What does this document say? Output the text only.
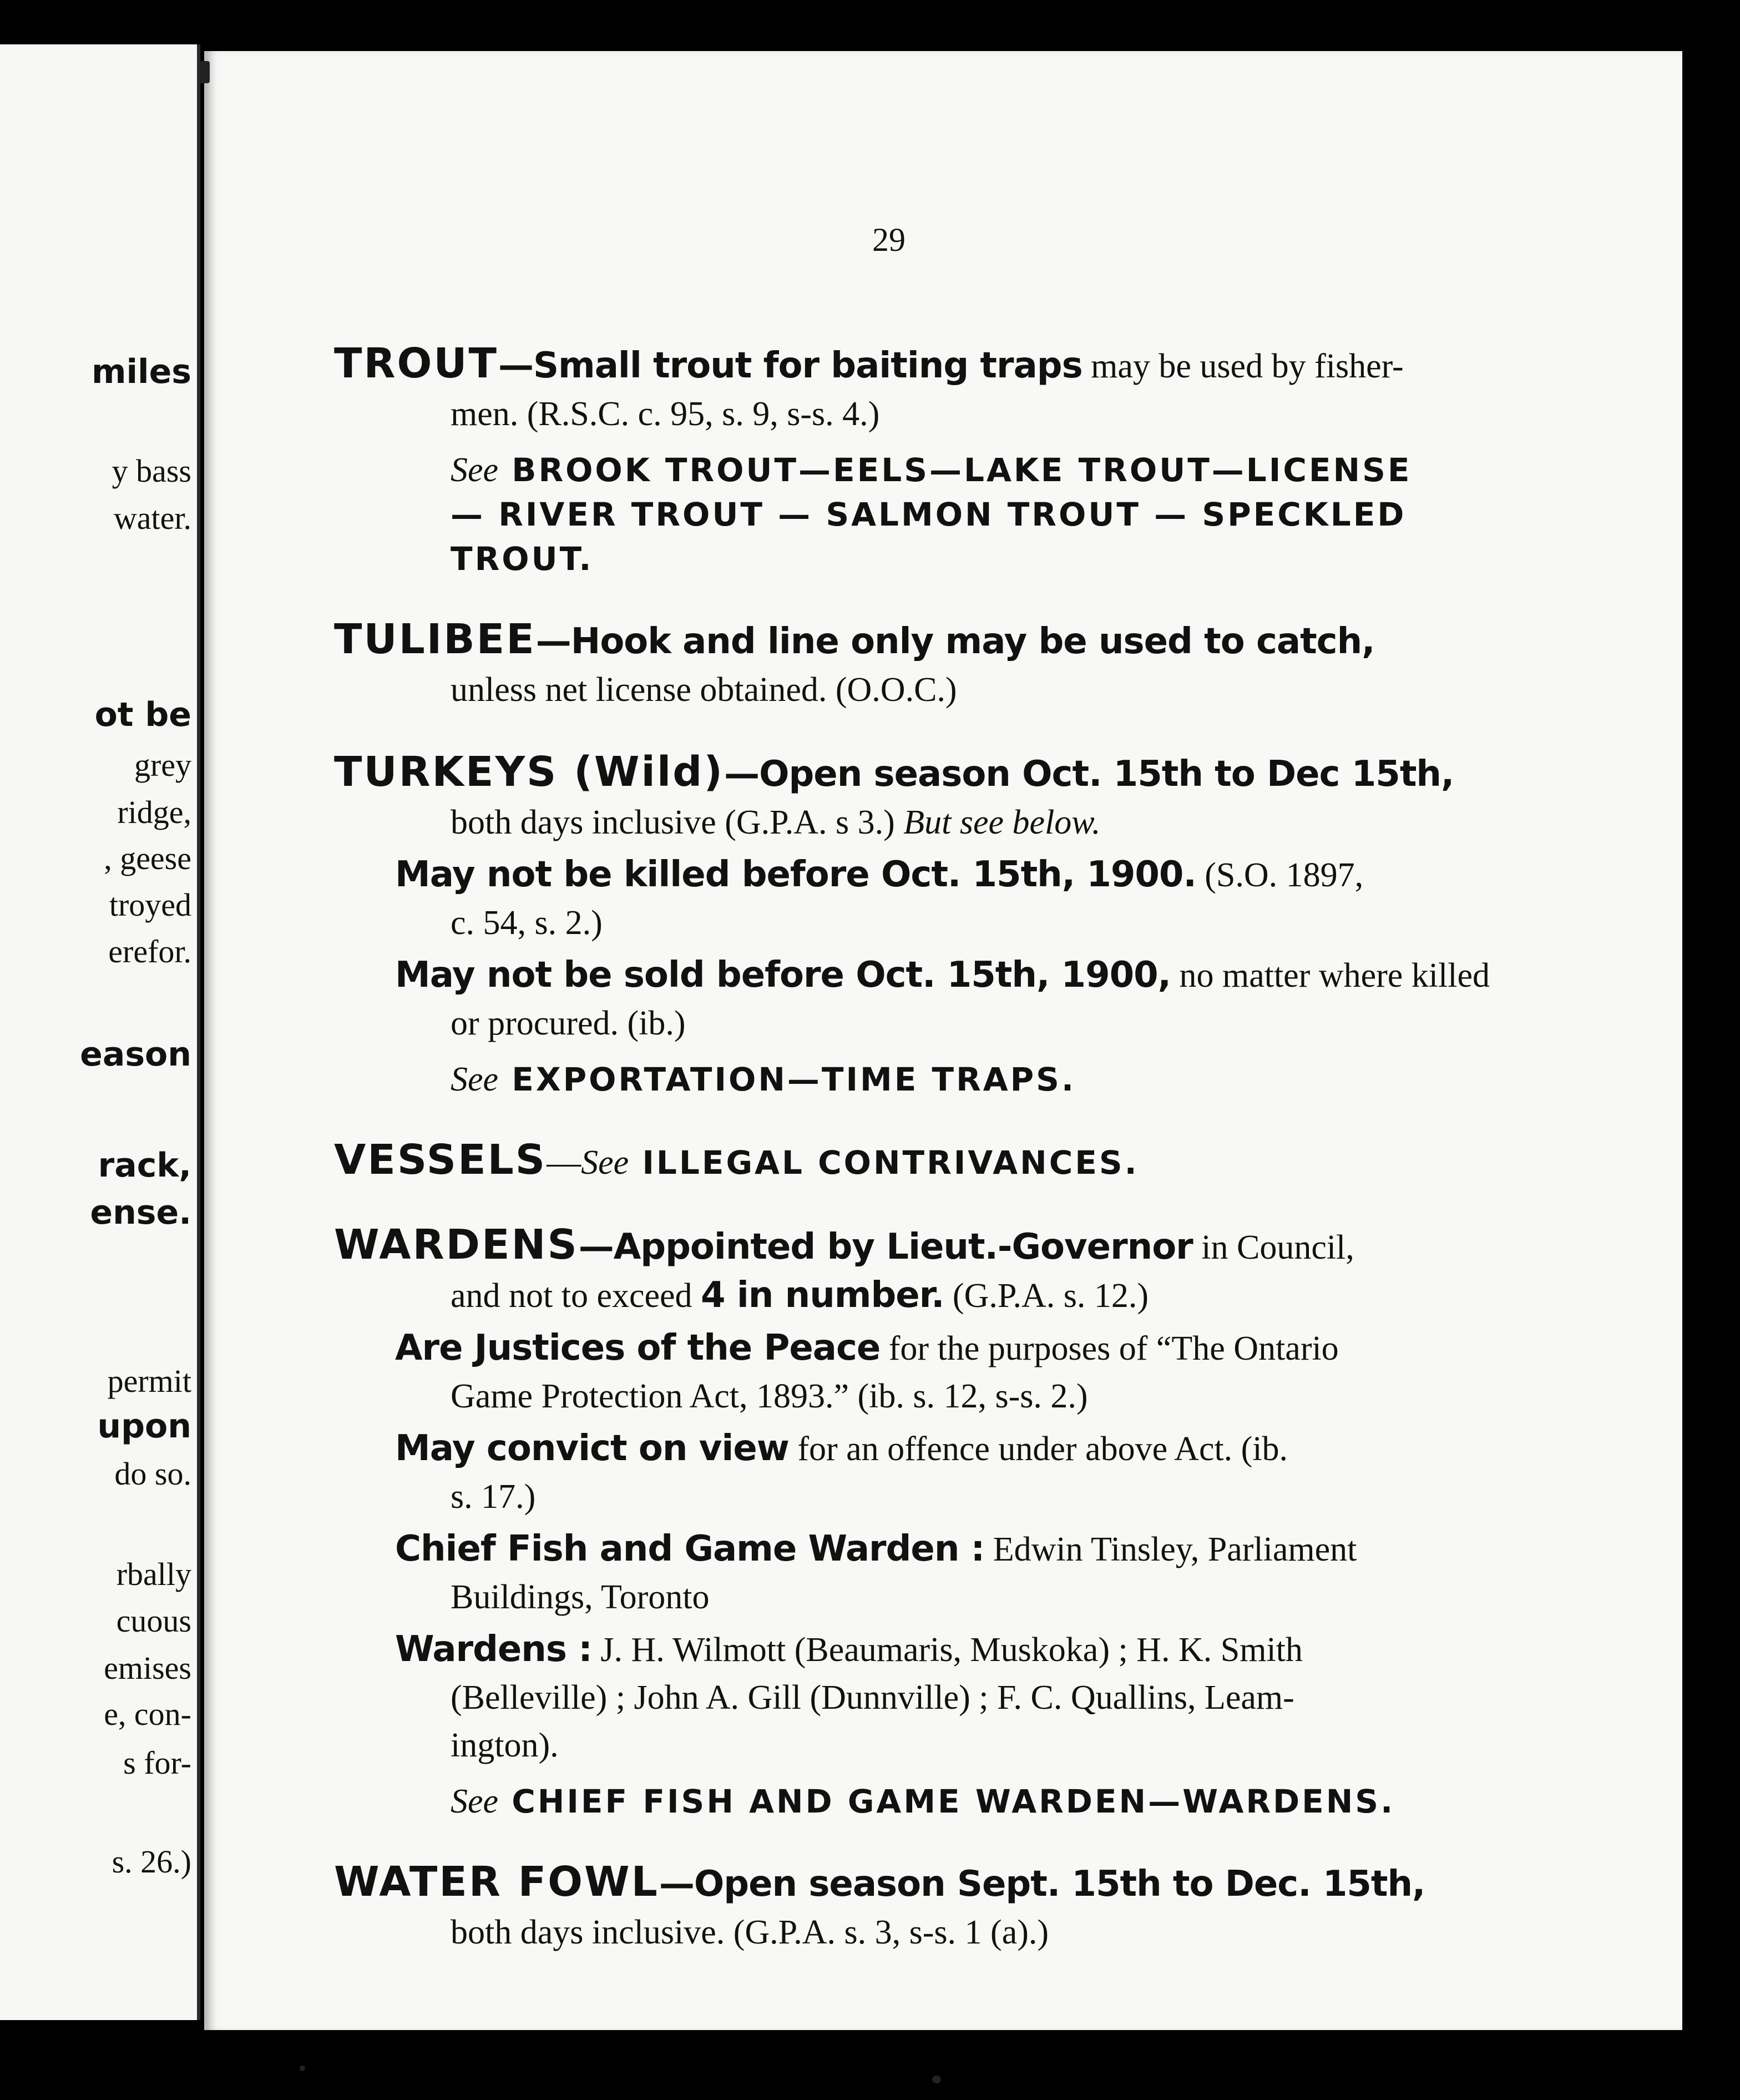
miles
y bass
water.
ot be
grey
ridge,
, geese
troyed
erefor.
eason
rack,
ense.
permit
upon
do so.
rbally
cuous
emises
e, con-
s for-
s. 26.)
29
TROUT—Small trout for baiting traps may be used by fisher-
men. (R.S.C. c. 95, s. 9, s-s. 4.)
See BROOK TROUT—EELS—LAKE TROUT—LICENSE
— RIVER TROUT — SALMON TROUT — SPECKLED
TROUT.
TULIBEE—Hook and line only may be used to catch,
unless net license obtained. (O.O.C.)
TURKEYS (Wild)—Open season Oct. 15th to Dec 15th,
both days inclusive (G.P.A. s 3.) But see below.
May not be killed before Oct. 15th, 1900. (S.O. 1897,
c. 54, s. 2.)
May not be sold before Oct. 15th, 1900, no matter where killed
or procured. (ib.)
See EXPORTATION—TIME TRAPS.
VESSELS—See ILLEGAL CONTRIVANCES.
WARDENS—Appointed by Lieut.-Governor in Council,
and not to exceed 4 in number. (G.P.A. s. 12.)
Are Justices of the Peace for the purposes of “The Ontario
Game Protection Act, 1893.” (ib. s. 12, s-s. 2.)
May convict on view for an offence under above Act. (ib.
s. 17.)
Chief Fish and Game Warden : Edwin Tinsley, Parliament
Buildings, Toronto
Wardens : J. H. Wilmott (Beaumaris, Muskoka) ; H. K. Smith
(Belleville) ; John A. Gill (Dunnville) ; F. C. Quallins, Leam-
ington).
See CHIEF FISH AND GAME WARDEN—WARDENS.
WATER FOWL—Open season Sept. 15th to Dec. 15th,
both days inclusive. (G.P.A. s. 3, s-s. 1 (a).)
